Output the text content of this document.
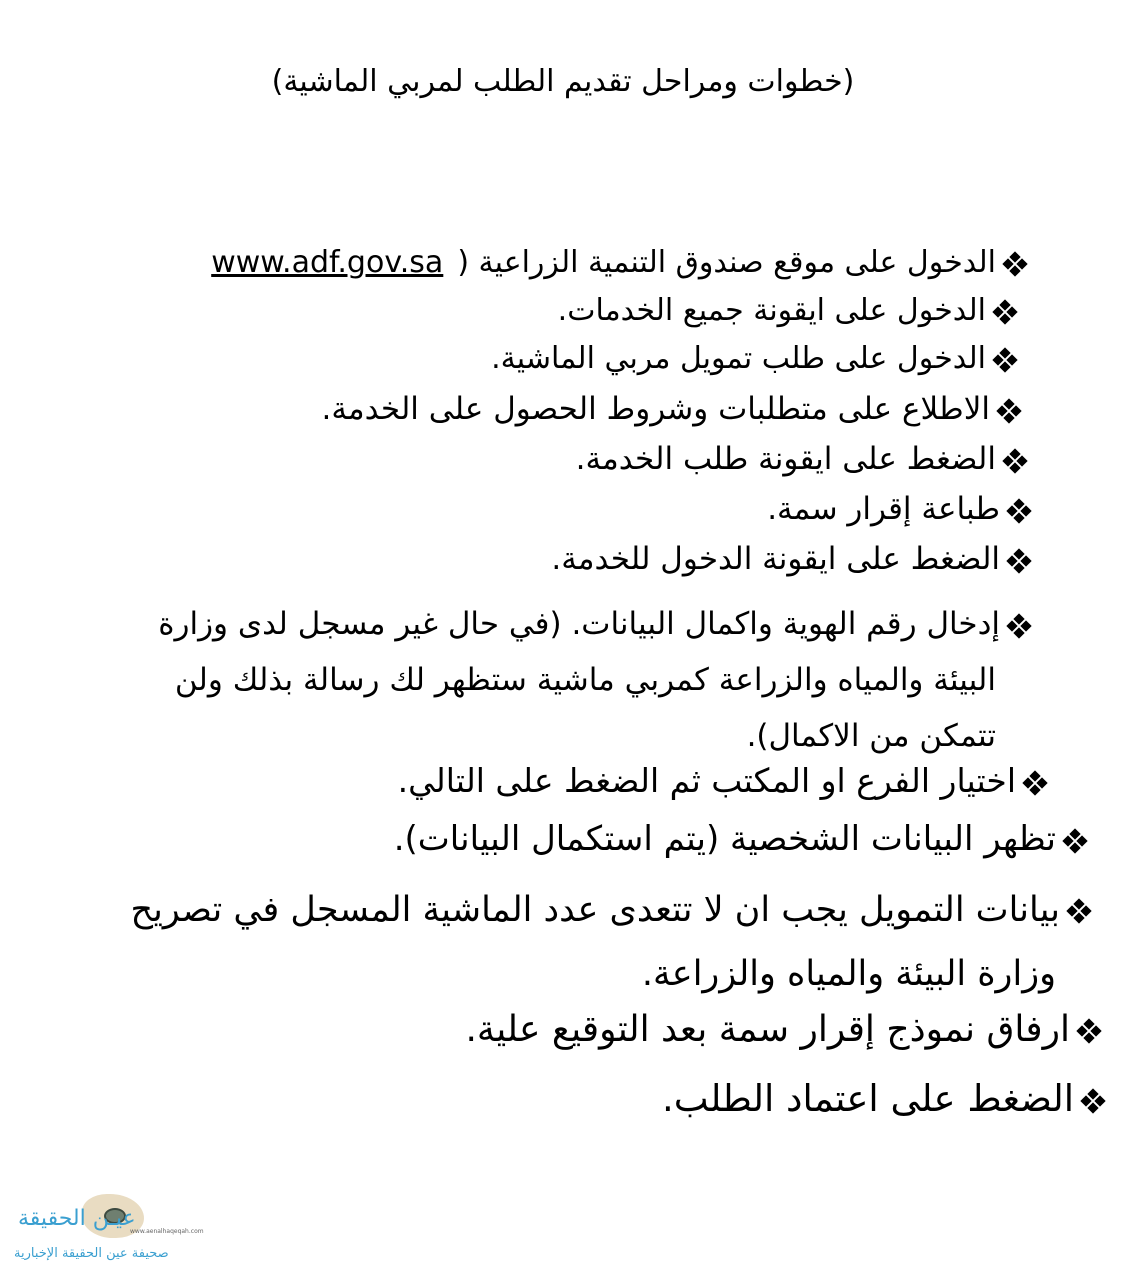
(خطوات ومراحل تقديم الطلب لمربي الماشية)
الدخول على موقع صندوق التنمية الزراعية (
www.adf.gov.sa
الدخول على ايقونة جميع الخدمات.
الدخول على طلب تمويل مربي الماشية.
الاطلاع على متطلبات وشروط الحصول على الخدمة.
الضغط على ايقونة طلب الخدمة.
طباعة إقرار سمة.
الضغط على ايقونة الدخول للخدمة.
إدخال رقم الهوية واكمال البيانات. (في حال غير مسجل لدى وزارة
البيئة والمياه والزراعة كمربي ماشية ستظهر لك رسالة بذلك ولن
تتمكن من الاكمال).
اختيار الفرع او المكتب ثم الضغط على التالي.
تظهر البيانات الشخصية (يتم استكمال البيانات).
بيانات التمويل يجب ان لا تتعدى عدد الماشية المسجل في تصريح
وزارة البيئة والمياه والزراعة.
ارفاق نموذج إقرار سمة بعد التوقيع علية.
الضغط على اعتماد الطلب.
عيـن الحقيقة
www.aenalhaqeqah.com
صحيفة عين الحقيقة الإخبارية
